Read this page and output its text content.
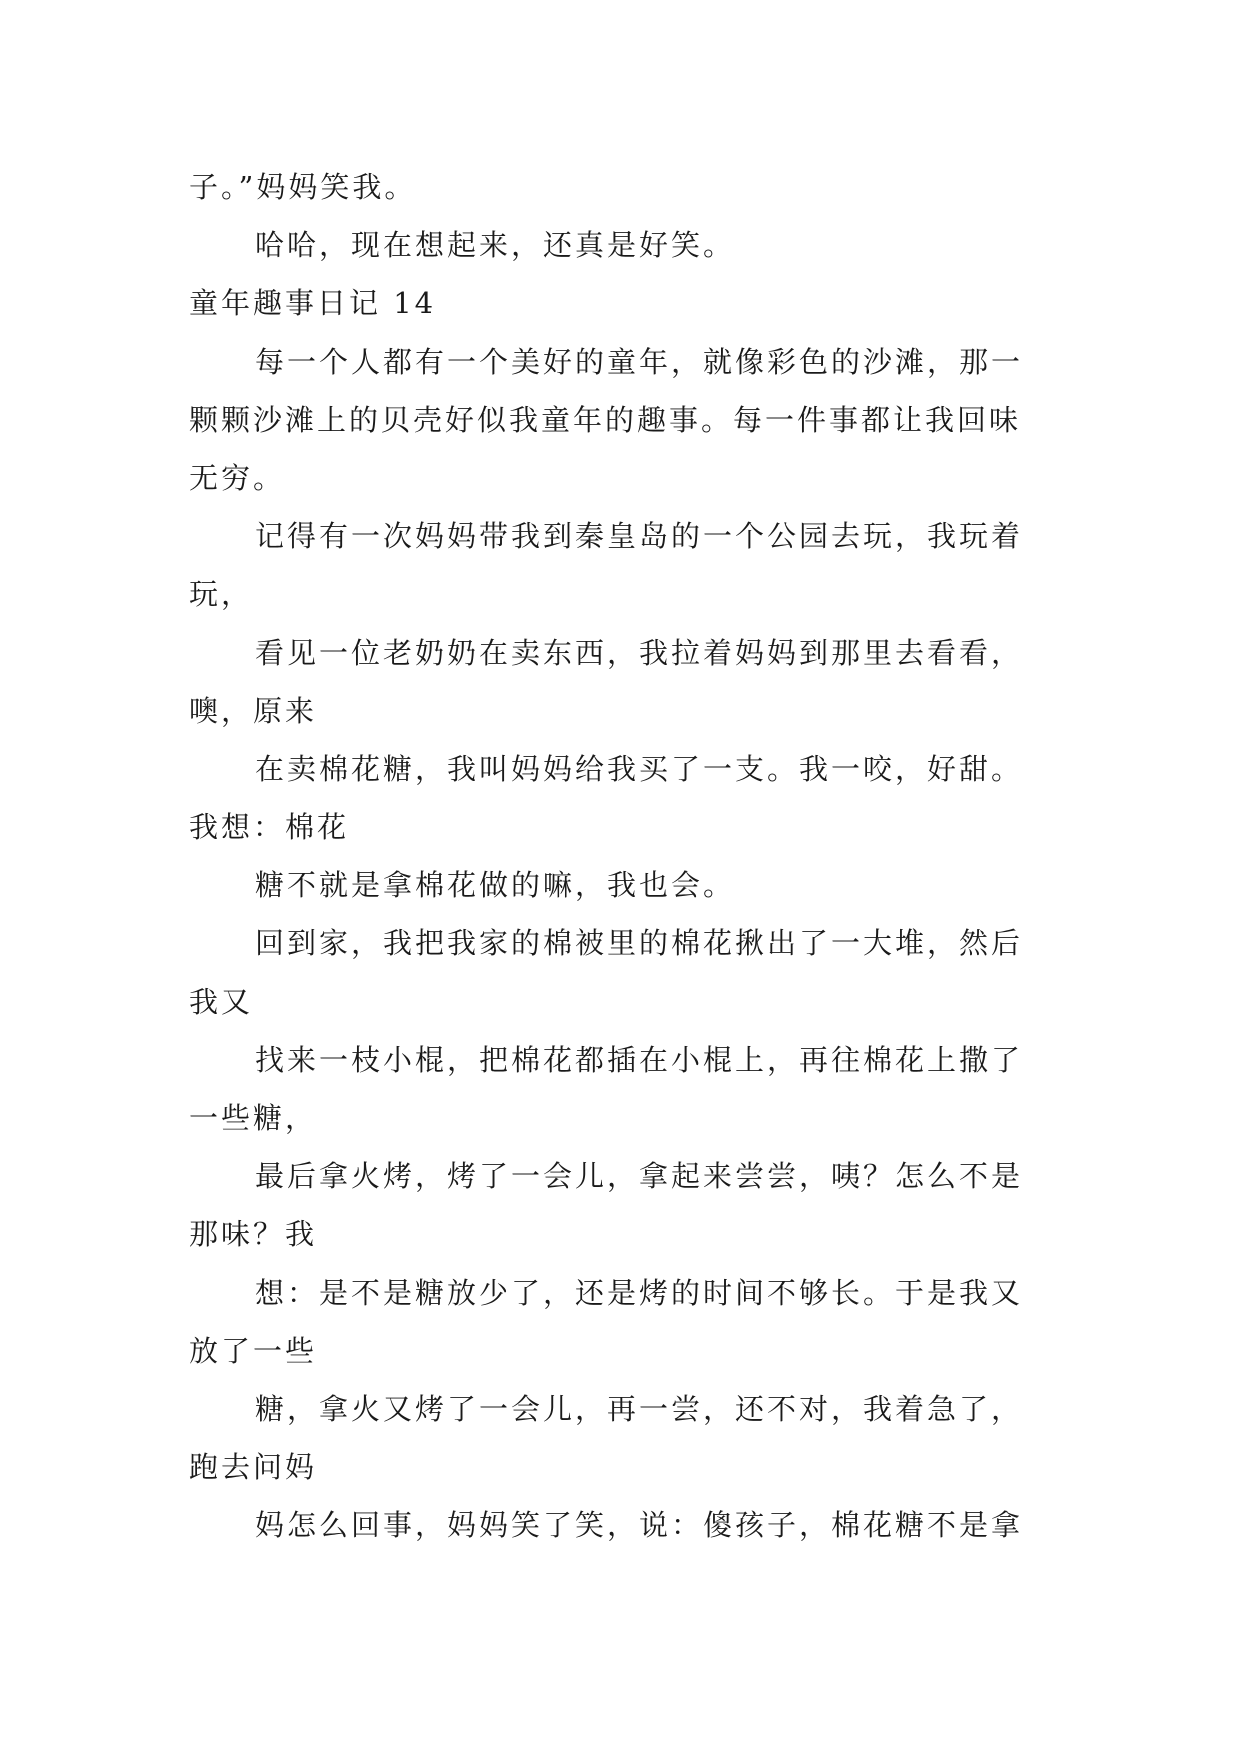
子。”妈妈笑我。

哈哈，现在想起来，还真是好笑。

童年趣事日记 14

每一个人都有一个美好的童年，就像彩色的沙滩，那一

颗颗沙滩上的贝壳好似我童年的趣事。每一件事都让我回味

无穷。

记得有一次妈妈带我到秦皇岛的一个公园去玩，我玩着

玩，

看见一位老奶奶在卖东西，我拉着妈妈到那里去看看，

噢，原来

在卖棉花糖，我叫妈妈给我买了一支。我一咬，好甜。

我想：棉花

糖不就是拿棉花做的嘛，我也会。

回到家，我把我家的棉被里的棉花揪出了一大堆，然后

我又

找来一枝小棍，把棉花都插在小棍上，再往棉花上撒了

一些糖，

最后拿火烤，烤了一会儿，拿起来尝尝，咦？怎么不是

那味？我

想：是不是糖放少了，还是烤的时间不够长。于是我又

放了一些

糖，拿火又烤了一会儿，再一尝，还不对，我着急了，

跑去问妈

妈怎么回事，妈妈笑了笑，说：傻孩子，棉花糖不是拿
